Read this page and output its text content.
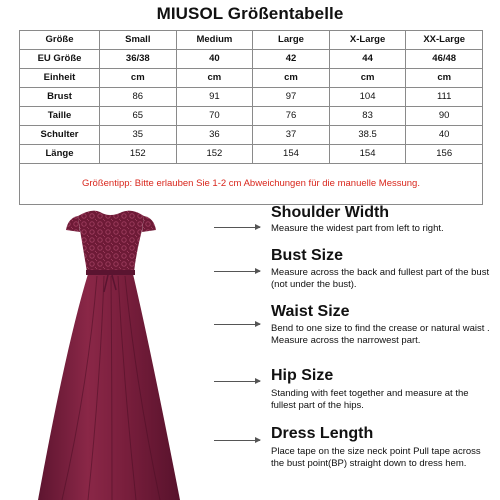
MIUSOL Größentabelle
Größe	Small	Medium	Large	X-Large	XX-Large
EU Größe	36/38	40	42	44	46/48
Einheit	cm	cm	cm	cm	cm
Brust	86	91	97	104	111
Taille	65	70	76	83	90
Schulter	35	36	37	38.5	40
Länge	152	152	154	154	156
Größentipp: Bitte erlauben Sie 1-2 cm Abweichungen für die manuelle Messung.					
Shoulder Width
Measure the widest part from left to right.
Bust Size
Measure across the back and fullest part of the bust (not under the bust).
Waist Size
Bend to one size to find the crease or natural waist . Measure across the narrowest part.
Hip Size
Standing with feet together and measure at the fullest part of the hips.
Dress Length
Place tape on the size neck point Pull tape across the bust point(BP) straight down to dress hem.
